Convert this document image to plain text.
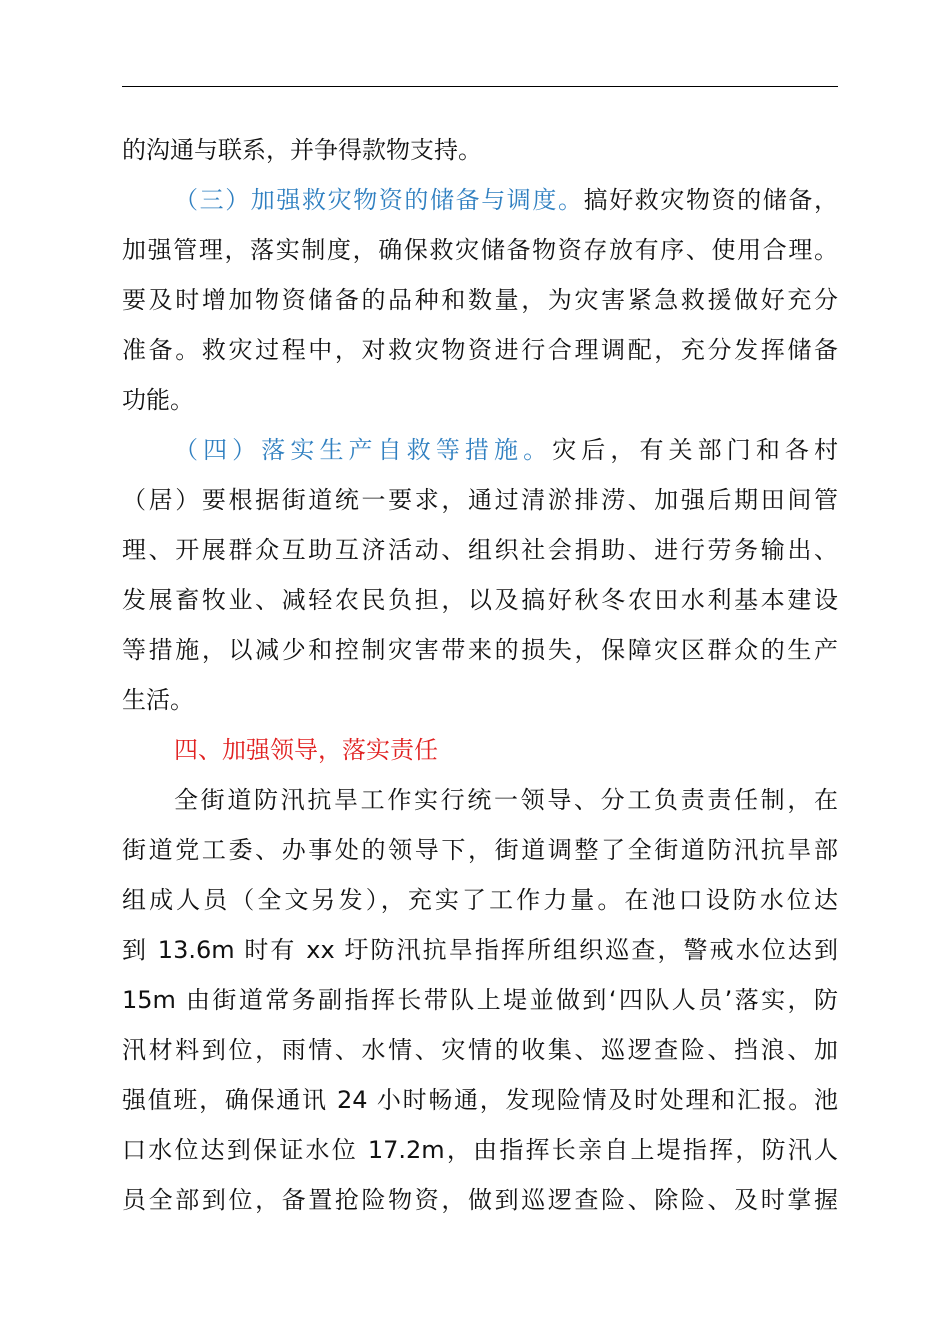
的沟通与联系，并争得款物支持。
（三）加强救灾物资的储备与调度。搞好救灾物资的储备，
加强管理，落实制度，确保救灾储备物资存放有序、使用合理。
要及时增加物资储备的品种和数量，为灾害紧急救援做好充分
准备。救灾过程中，对救灾物资进行合理调配，充分发挥储备
功能。
（四）落实生产自救等措施。灾后，有关部门和各村
（居）要根据街道统一要求，通过清淤排涝、加强后期田间管
理、开展群众互助互济活动、组织社会捐助、进行劳务输出、
发展畜牧业、减轻农民负担，以及搞好秋冬农田水利基本建设
等措施，以减少和控制灾害带来的损失，保障灾区群众的生产
生活。
四、加强领导，落实责任
全街道防汛抗旱工作实行统一领导、分工负责责任制，在
街道党工委、办事处的领导下，街道调整了全街道防汛抗旱部
组成人员（全文另发），充实了工作力量。在池口设防水位达
到 13.6m 时有 xx 圩防汛抗旱指挥所组织巡查，警戒水位达到
15m 由街道常务副指挥长带队上堤並做到‘四队人员’落实，防
汛材料到位，雨情、水情、灾情的收集、巡逻查险、挡浪、加
强值班，确保通讯 24 小时畅通，发现险情及时处理和汇报。池
口水位达到保证水位 17.2m，由指挥长亲自上堤指挥，防汛人
员全部到位，备置抢险物资，做到巡逻查险、除险、及时掌握
